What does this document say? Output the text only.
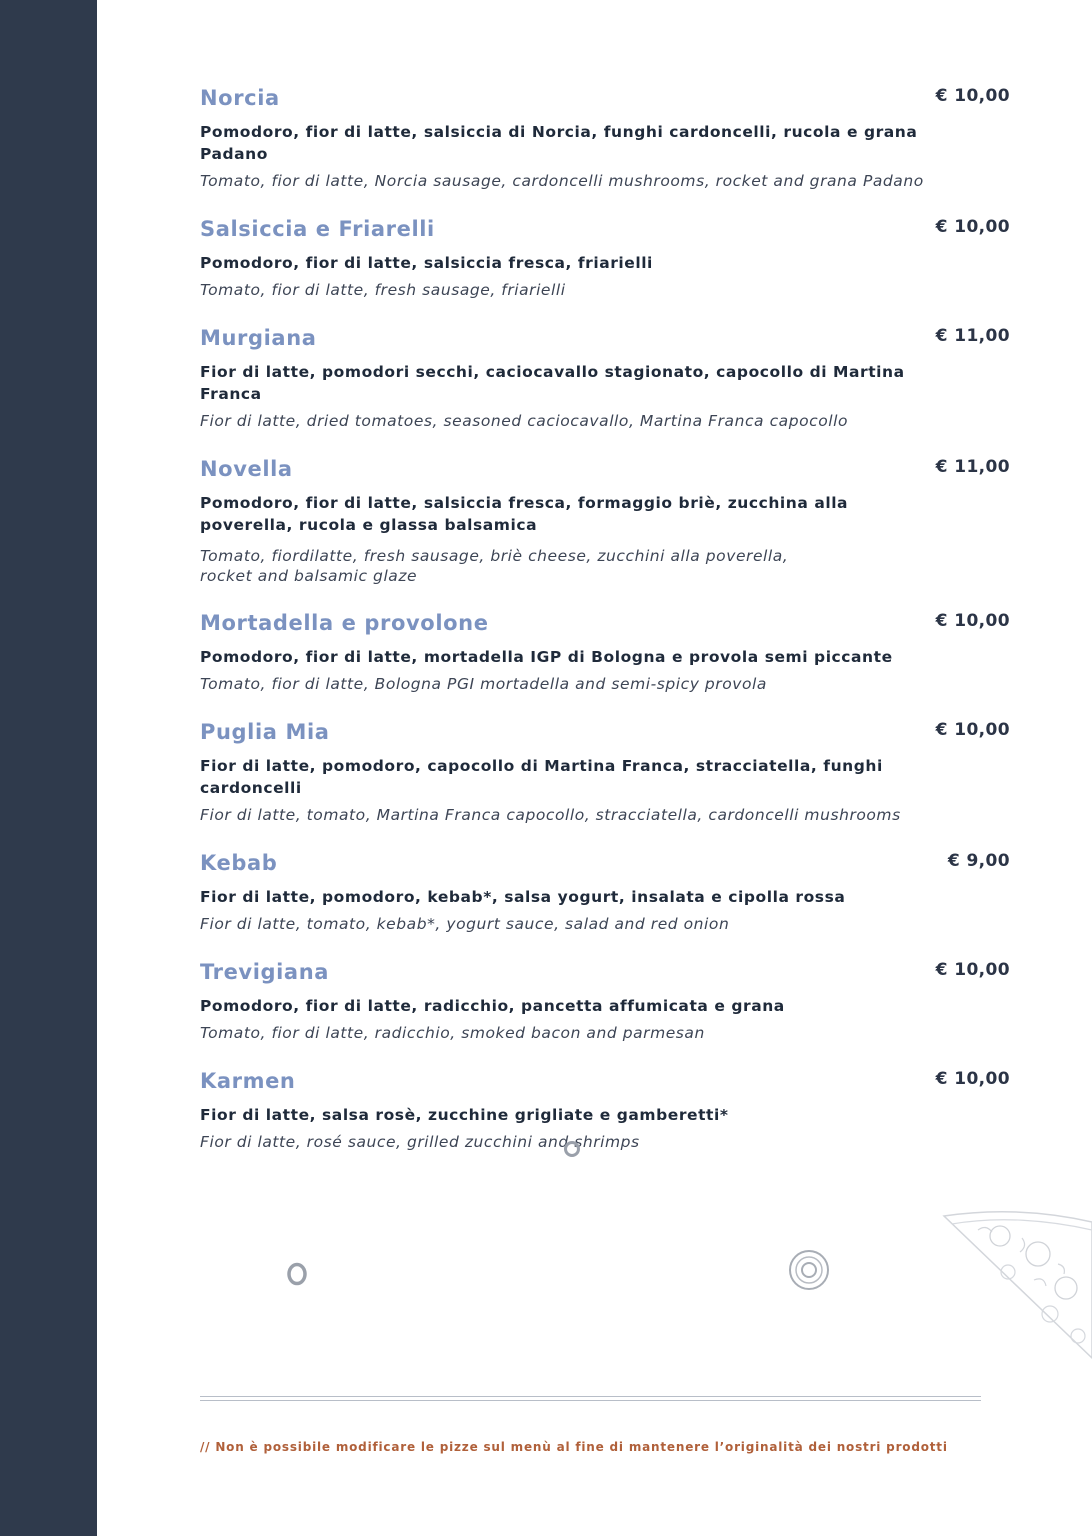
Norcia	€ 10,00
Pomodoro, fior di latte, salsiccia di Norcia, funghi cardoncelli, rucola e grana Padano
Tomato, fior di latte, Norcia sausage, cardoncelli mushrooms, rocket and grana Padano
Salsiccia e Friarelli	€ 10,00
Pomodoro, fior di latte, salsiccia fresca, friarielli
Tomato, fior di latte, fresh sausage, friarielli
Murgiana	€ 11,00
Fior di latte, pomodori secchi, caciocavallo stagionato, capocollo di Martina Franca
Fior di latte, dried tomatoes, seasoned caciocavallo, Martina Franca capocollo
Novella	€ 11,00
Pomodoro, fior di latte, salsiccia fresca, formaggio briè, zucchina alla poverella, rucola e glassa balsamica
Tomato, fiordilatte, fresh sausage, briè cheese, zucchini alla poverella, rocket and balsamic glaze
Mortadella e provolone	€ 10,00
Pomodoro, fior di latte, mortadella IGP di Bologna e provola semi piccante
Tomato, fior di latte, Bologna PGI mortadella and semi-spicy provola
Puglia Mia	€ 10,00
Fior di latte, pomodoro, capocollo di Martina Franca, stracciatella, funghi cardoncelli
Fior di latte, tomato, Martina Franca capocollo, stracciatella, cardoncelli mushrooms
Kebab	€ 9,00
Fior di latte, pomodoro, kebab*, salsa yogurt, insalata e cipolla rossa
Fior di latte, tomato, kebab*, yogurt sauce, salad and red onion
Trevigiana	€ 10,00
Pomodoro, fior di latte, radicchio, pancetta affumicata e grana
Tomato, fior di latte, radicchio, smoked bacon and parmesan
Karmen	€ 10,00
Fior di latte, salsa rosè, zucchine grigliate e gamberetti*
Fior di latte, rosé sauce, grilled zucchini and shrimps
// Non è possibile modificare le pizze sul menù al fine di mantenere l’originalità dei nostri prodotti
